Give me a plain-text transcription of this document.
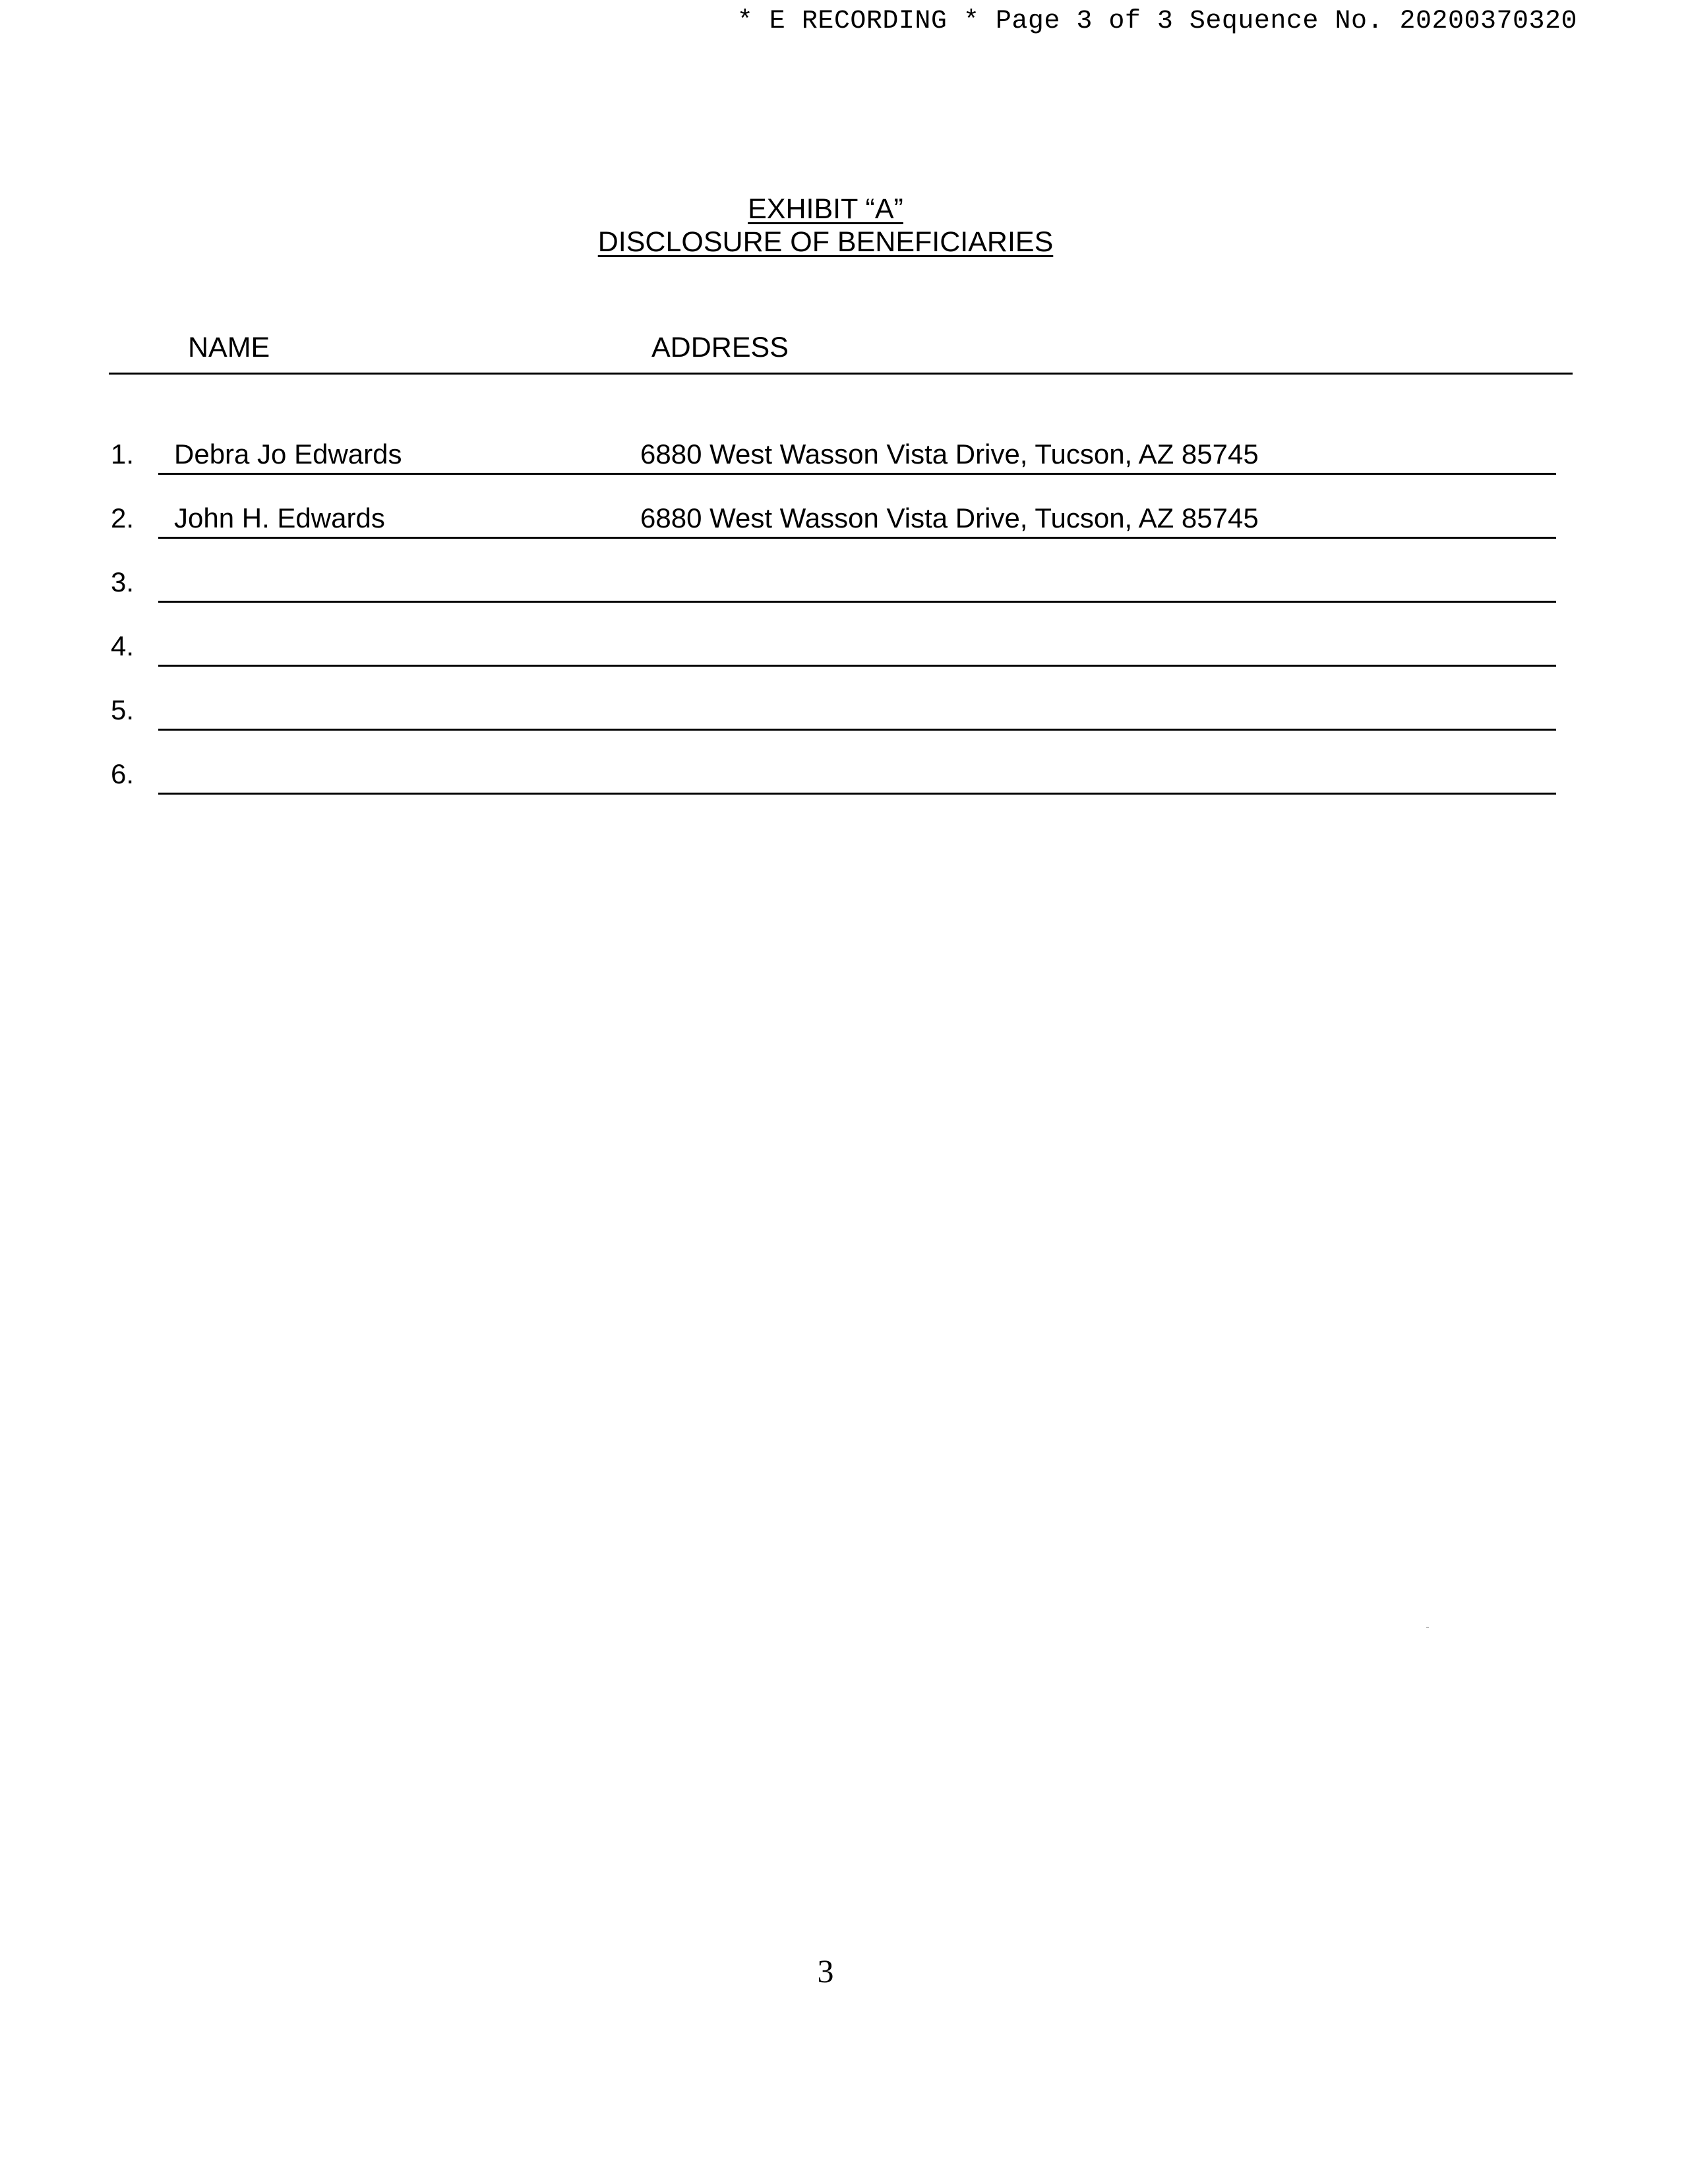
* E RECORDING * Page 3 of 3 Sequence No. 20200370320
EXHIBIT “A”
DISCLOSURE OF BENEFICIARIES
NAME	ADDRESS
1. Debra Jo Edwards	6880 West Wasson Vista Drive, Tucson, AZ 85745
2. John H. Edwards	6880 West Wasson Vista Drive, Tucson, AZ 85745
3.
4.
5.
6.
3
